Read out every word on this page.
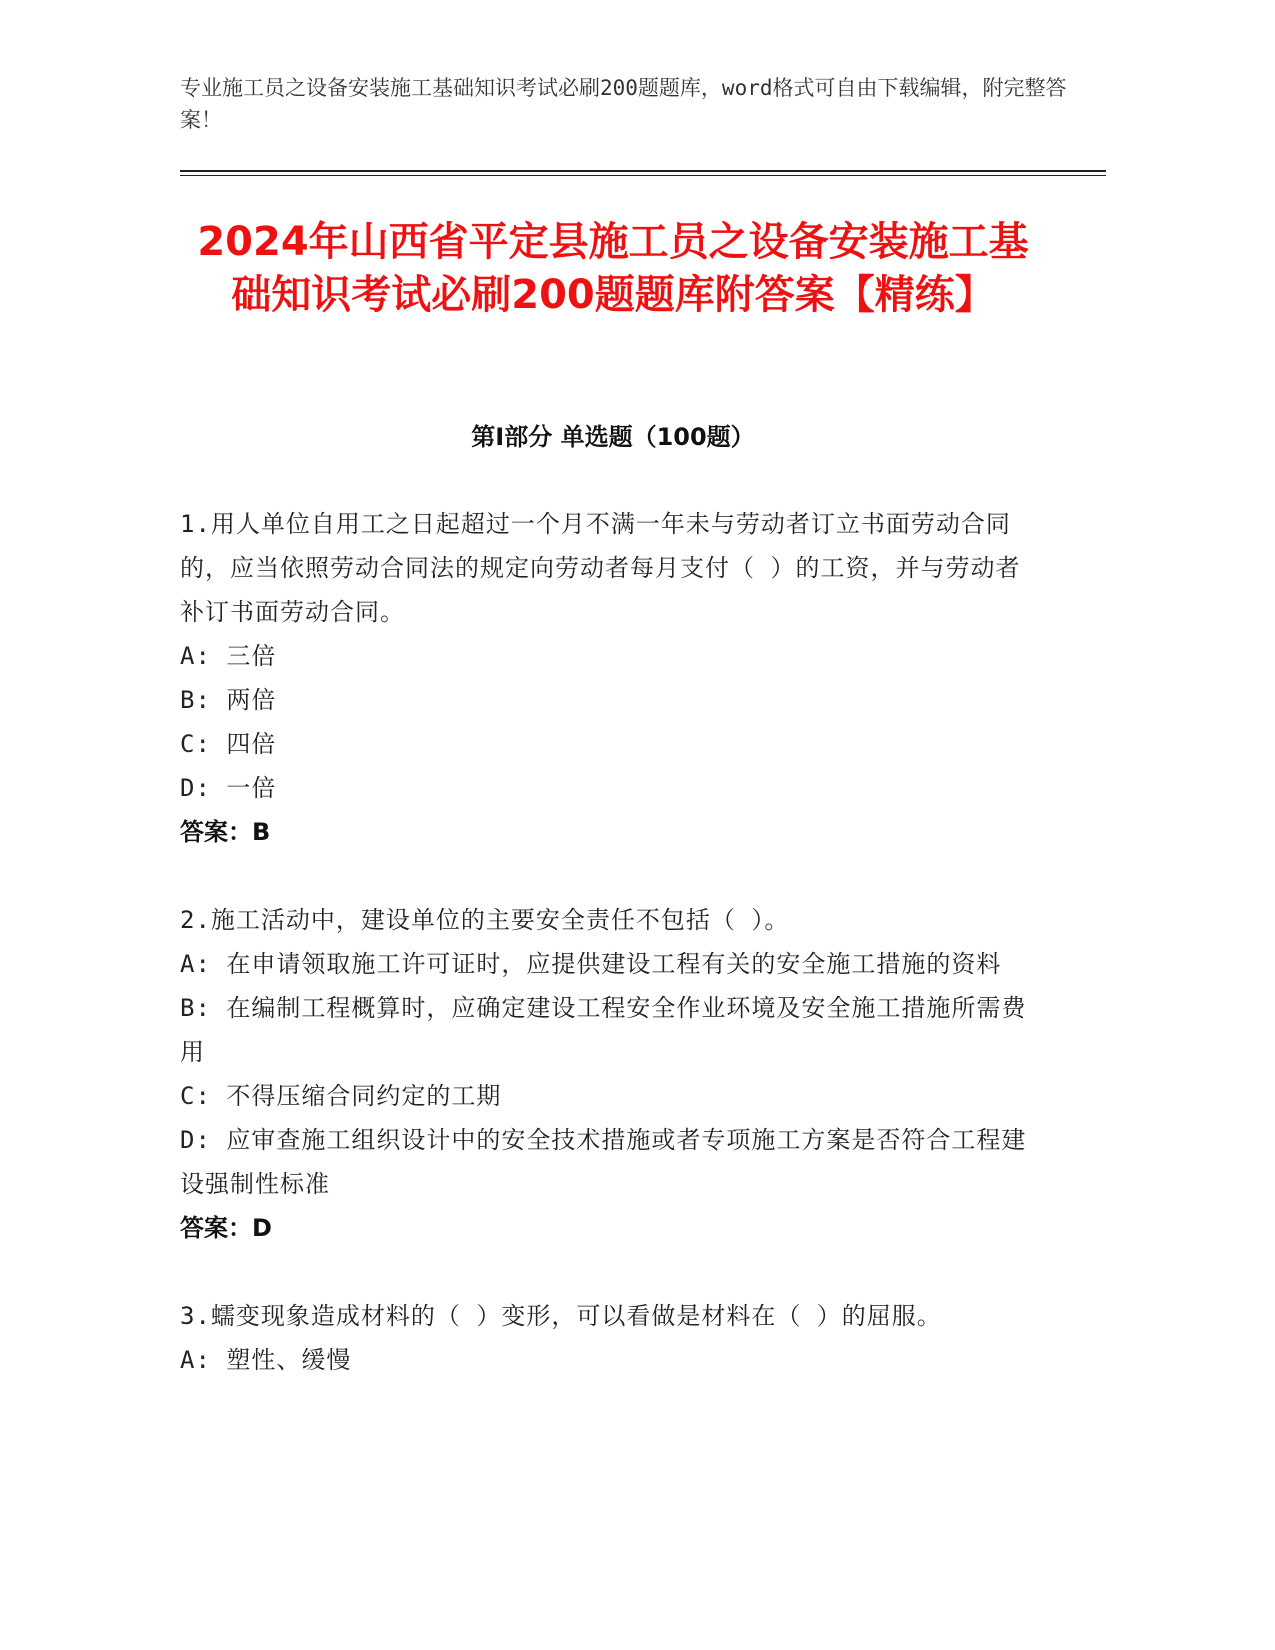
专业施工员之设备安装施工基础知识考试必刷200题题库，word格式可自由下载编辑，附完整答案！
2024年山西省平定县施工员之设备安装施工基础知识考试必刷200题题库附答案【精练】
第Ⅰ部分 单选题（100题）

1.用人单位自用工之日起超过一个月不满一年未与劳动者订立书面劳动合同的，应当依照劳动合同法的规定向劳动者每月支付（ ）的工资，并与劳动者补订书面劳动合同。

A: 三倍

B: 两倍

C: 四倍

D: 一倍

答案：B

2.施工活动中，建设单位的主要安全责任不包括（ ）。

A: 在申请领取施工许可证时，应提供建设工程有关的安全施工措施的资料

B: 在编制工程概算时，应确定建设工程安全作业环境及安全施工措施所需费用

C: 不得压缩合同约定的工期

D: 应审查施工组织设计中的安全技术措施或者专项施工方案是否符合工程建设强制性标准

答案：D

3.蠕变现象造成材料的（ ）变形，可以看做是材料在（ ）的屈服。

A: 塑性、缓慢
